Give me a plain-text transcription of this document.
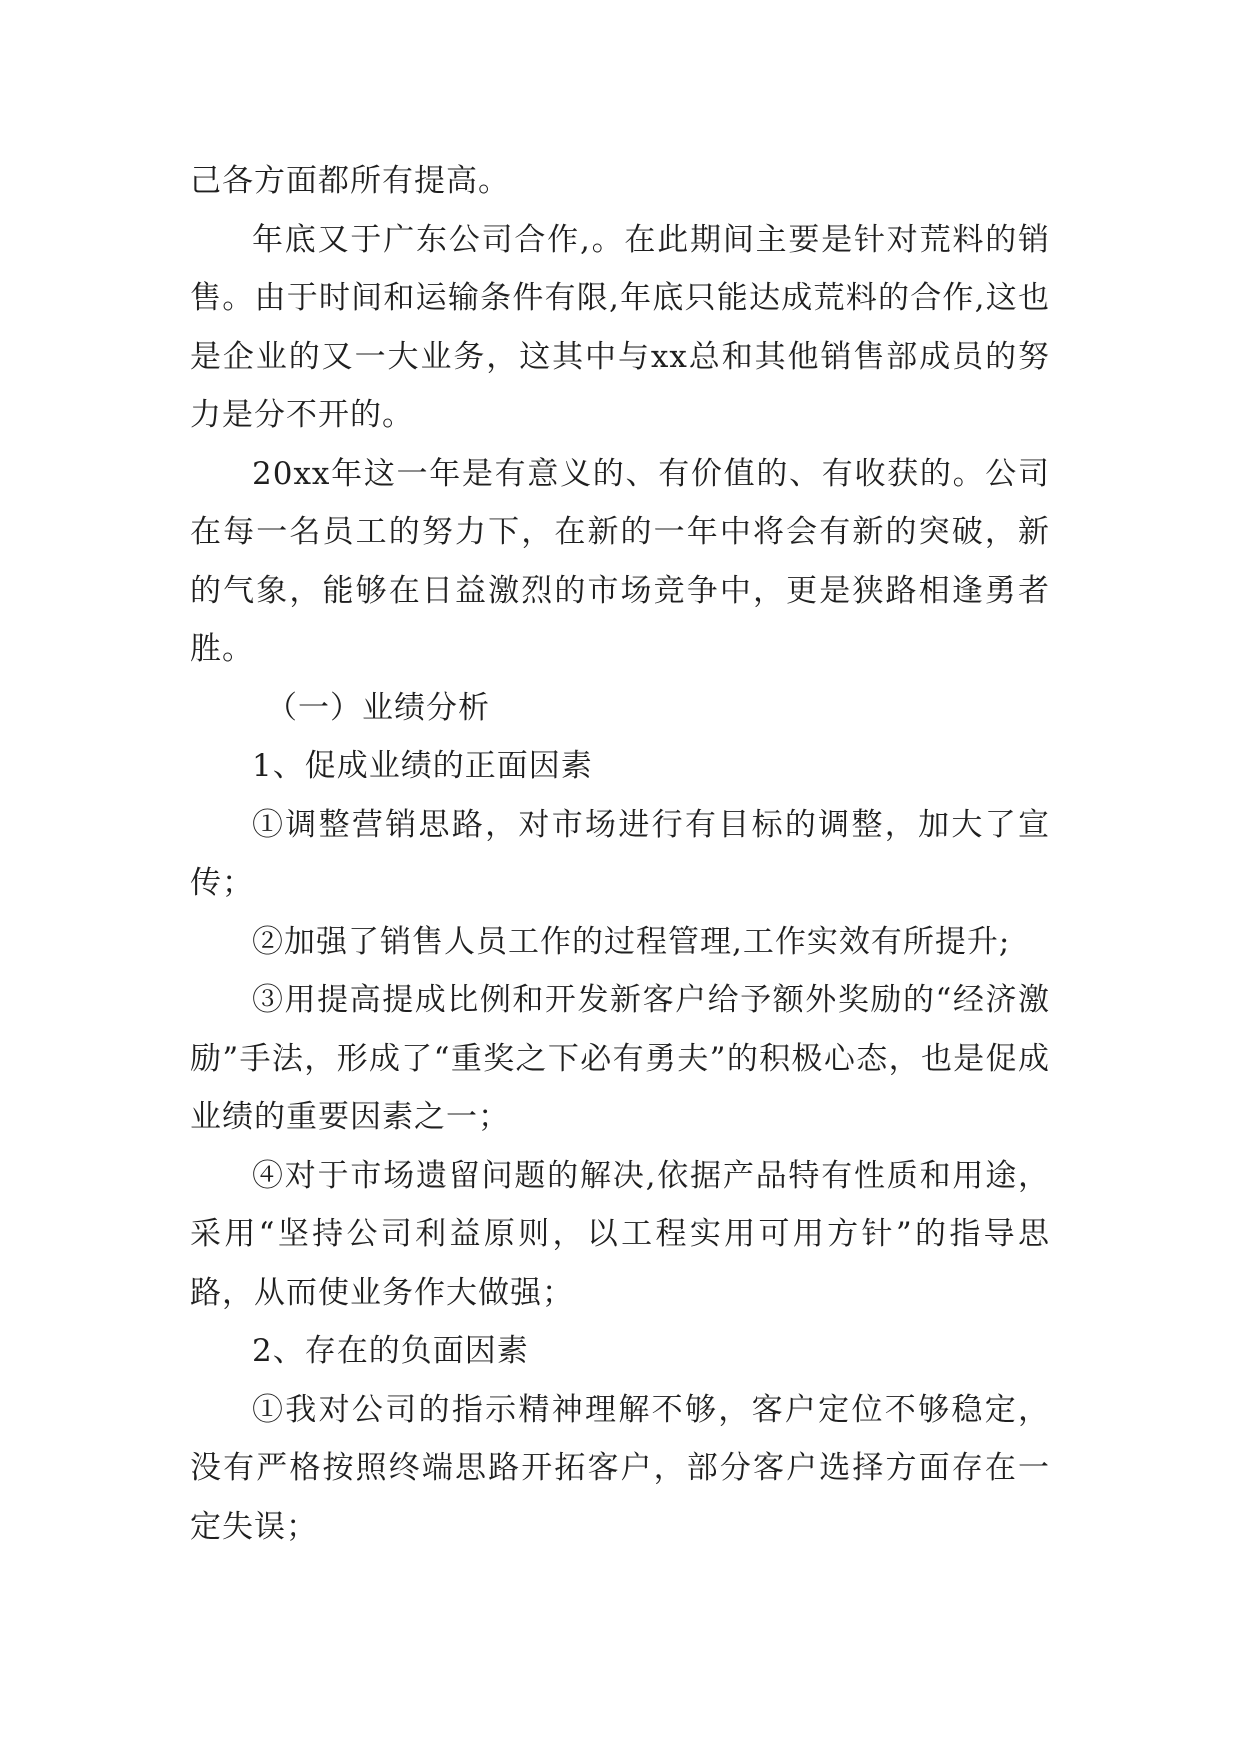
己各方面都所有提高。

年底又于广东公司合作,。在此期间主要是针对荒料的销售。由于时间和运输条件有限,年底只能达成荒料的合作,这也是企业的又一大业务，这其中与xx总和其他销售部成员的努力是分不开的。

20xx年这一年是有意义的、有价值的、有收获的。公司在每一名员工的努力下，在新的一年中将会有新的突破，新的气象，能够在日益激烈的市场竞争中，更是狭路相逢勇者胜。

（一）业绩分析

1、促成业绩的正面因素

①调整营销思路，对市场进行有目标的调整，加大了宣传；

②加强了销售人员工作的过程管理,工作实效有所提升;

③用提高提成比例和开发新客户给予额外奖励的“经济激励”手法，形成了“重奖之下必有勇夫”的积极心态，也是促成业绩的重要因素之一；

④对于市场遗留问题的解决,依据产品特有性质和用途，采用“坚持公司利益原则，以工程实用可用方针”的指导思路，从而使业务作大做强；

2、存在的负面因素

①我对公司的指示精神理解不够，客户定位不够稳定，没有严格按照终端思路开拓客户，部分客户选择方面存在一定失误；
